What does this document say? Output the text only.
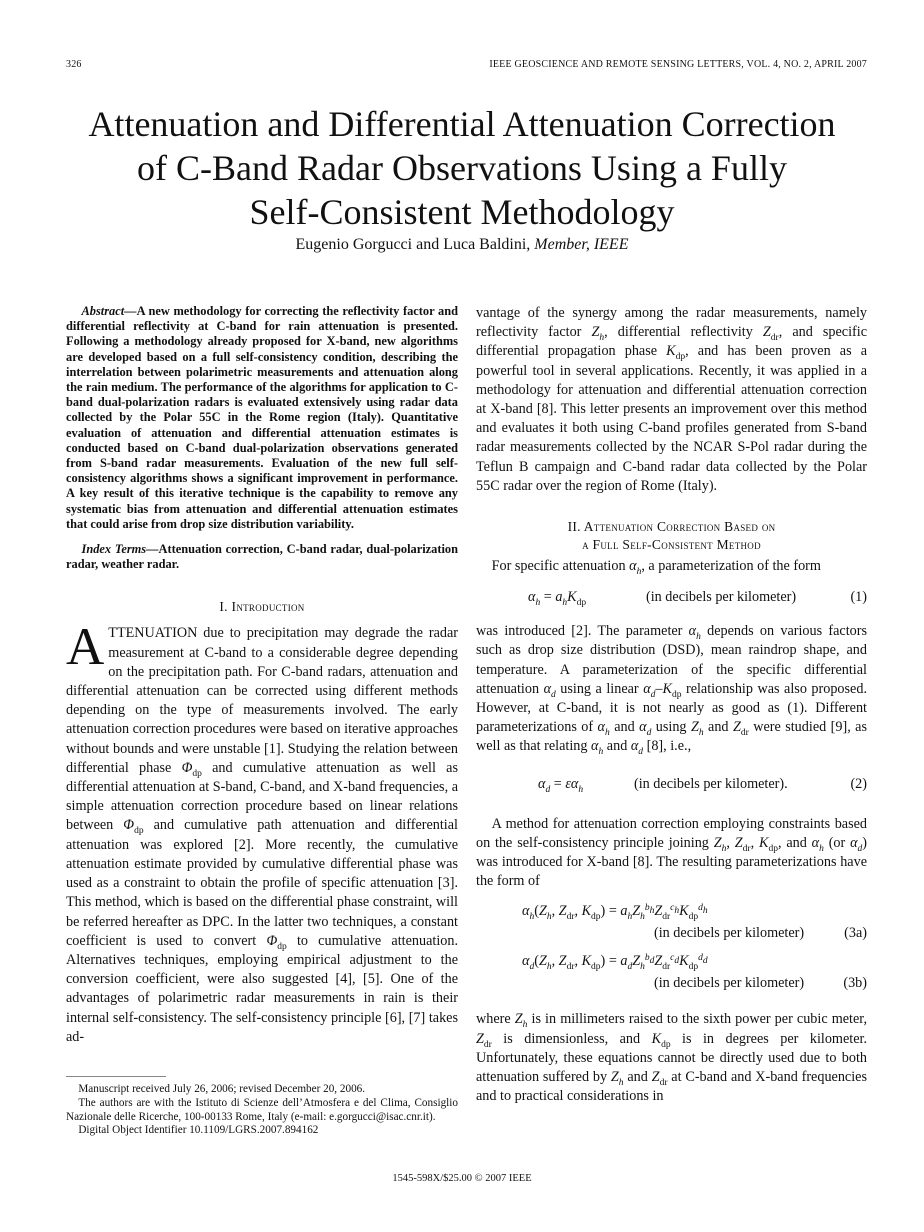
326	IEEE GEOSCIENCE AND REMOTE SENSING LETTERS, VOL. 4, NO. 2, APRIL 2007
Attenuation and Differential Attenuation Correction
of C-Band Radar Observations Using a Fully
Self-Consistent Methodology
Eugenio Gorgucci and Luca Baldini, Member, IEEE

Abstract—A new methodology for correcting the reflectivity factor and differential reflectivity at C-band for rain attenuation is presented. Following a methodology already proposed for X-band, new algorithms are developed based on a full self-consistency condition, describing the interrelation between polarimetric measurements and attenuation along the rain medium. The performance of the algorithms for application to C-band dual-polarization radars is evaluated extensively using radar data collected by the Polar 55C in the Rome region (Italy). Quantitative evaluation of attenuation and differential attenuation estimates is conducted based on C-band dual-polarization observations generated from S-band radar measurements. Evaluation of the new full self-consistency algorithms shows a significant improvement in performance. A key result of this iterative technique is the capability to remove any systematic bias from attenuation and differential attenuation estimates that could arise from drop size distribution variability.

Index Terms—Attenuation correction, C-band radar, dual-polarization radar, weather radar.

I. Introduction

ATTENUATION due to precipitation may degrade the radar measurement at C-band to a considerable degree depending on the precipitation path. For C-band radars, attenuation and differential attenuation can be corrected using different methods depending on the type of measurements involved. The early attenuation correction procedures were based on iterative approaches without bounds and were unstable [1]. Studying the relation between differential phase $\Phi_{dp}$ and cumulative attenuation as well as differential attenuation at S-band, C-band, and X-band frequencies, a simple attenuation correction procedure based on linear relations between $\Phi_{dp}$ and cumulative path attenuation and differential attenuation was explored [2]. More recently, the cumulative attenuation estimate provided by cumulative differential phase was used as a constraint to obtain the profile of specific attenuation [3]. This method, which is based on the differential phase constraint, will be referred hereafter as DPC. In the latter two techniques, a constant coefficient is used to convert $\Phi_{dp}$ to cumulative attenuation. Alternatives techniques, employing empirical adjustment to the conversion coefficient, were also suggested [4], [5]. One of the advantages of polarimetric radar measurements in rain is their internal self-consistency. The self-consistency principle [6], [7] takes ad-

Manuscript received July 26, 2006; revised December 20, 2006.

The authors are with the Istituto di Scienze dell’Atmosfera e del Clima, Consiglio Nazionale delle Ricerche, 100-00133 Rome, Italy (e-mail: e.gorgucci@isac.cnr.it).

Digital Object Identifier 10.1109/LGRS.2007.894162

vantage of the synergy among the radar measurements, namely reflectivity factor $Z_h$, differential reflectivity $Z_{dr}$, and specific differential propagation phase $K_{dp}$, and has been proven as a powerful tool in several applications. Recently, it was applied in a methodology for attenuation and differential attenuation correction at X-band [8]. This letter presents an improvement over this method and evaluates it both using C-band profiles generated from S-band radar measurements collected by the NCAR S-Pol radar during the Teflun B campaign and C-band radar data collected by the Polar 55C radar over the region of Rome (Italy).

II. Attenuation Correction Based on
a Full Self-Consistent Method

For specific attenuation $\alpha_h$, a parameterization of the form

$\alpha_h = a_hK_{dp}$	(in decibels per kilometer)	(1)

was introduced [2]. The parameter $\alpha_h$ depends on various factors such as drop size distribution (DSD), mean raindrop shape, and temperature. A parameterization of the specific differential attenuation $\alpha_d$ using a linear $\alpha_d-K_{dp}$ relationship was also proposed. However, at C-band, it is not nearly as good as (1). Different parameterizations of $\alpha_h$ and $\alpha_d$ using $Z_h$ and $Z_{dr}$ were studied [9], as well as that relating $\alpha_h$ and $\alpha_d$ [8], i.e.,

$\alpha_d = \varepsilon\alpha_h$	(in decibels per kilometer).	(2)

A method for attenuation correction employing constraints based on the self-consistency principle joining $Z_h$, $Z_{dr}$, $K_{dp}$, and $\alpha_h$ (or $\alpha_d$) was introduced for X-band [8]. The resulting parameterizations have the form of

$\alpha_h(Z_h$, $Z_{dr}$, $K_{dp}) = a_hZ_h^{b_h}Z_{dr}^{c_h}K_{dp}^{d_h}$
(in decibels per kilometer)	(3a)
$\alpha_d(Z_h$, $Z_{dr}$, $K_{dp}) = a_dZ_h^{b_d}Z_{dr}^{c_d}K_{dp}^{d_d}$
(in decibels per kilometer)	(3b)

where $Z_h$ is in millimeters raised to the sixth power per cubic meter, $Z_{dr}$ is dimensionless, and $K_{dp}$ is in degrees per kilometer. Unfortunately, these equations cannot be directly used due to both attenuation suffered by $Z_h$ and $Z_{dr}$ at C-band and X-band frequencies and to practical considerations in

1545-598X/$25.00 © 2007 IEEE
